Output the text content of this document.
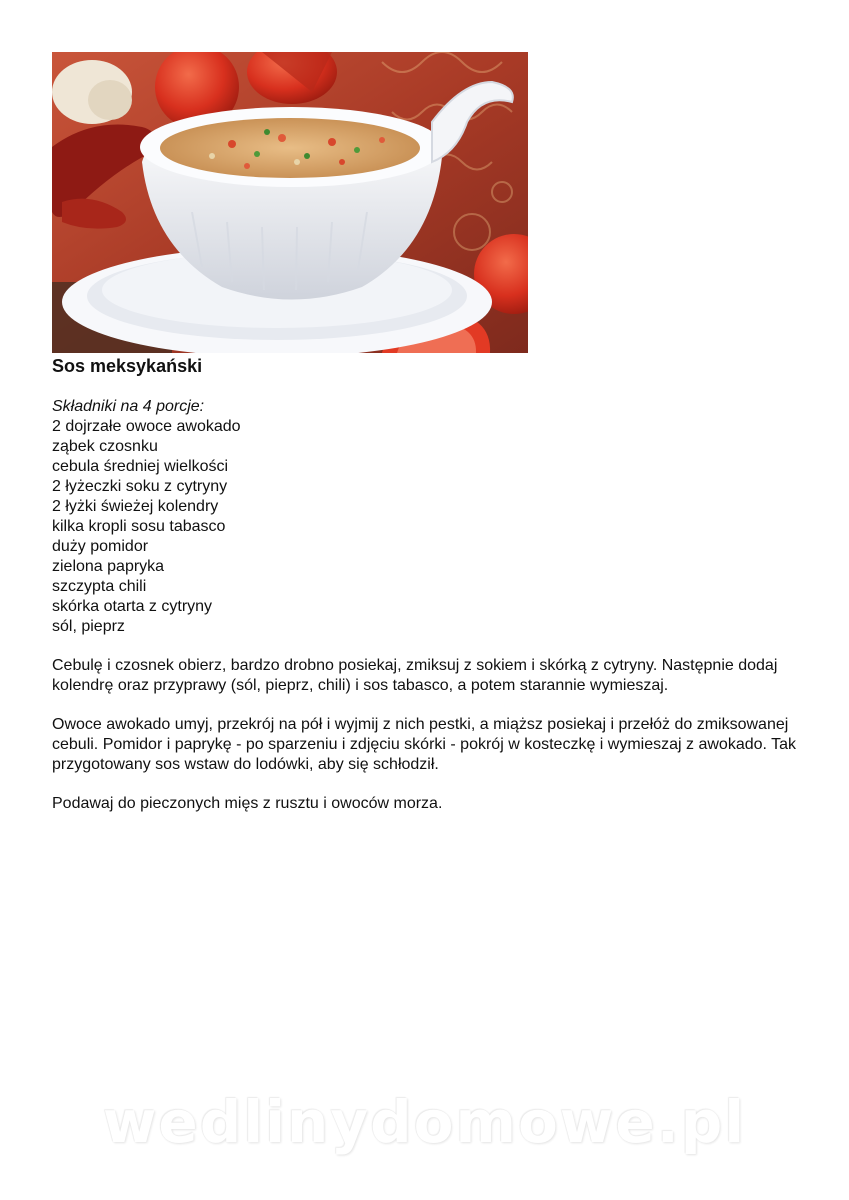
Sos meksykański
Składniki na 4 porcje:
2 dojrzałe owoce awokado
ząbek czosnku
cebula średniej wielkości
2 łyżeczki soku z cytryny
2 łyżki świeżej kolendry
kilka kropli sosu tabasco
duży pomidor
zielona papryka
szczypta chili
skórka otarta z cytryny
sól, pieprz

Cebulę i czosnek obierz, bardzo drobno posiekaj, zmiksuj z sokiem i skórką z cytryny. Następnie dodaj kolendrę oraz przyprawy (sól, pieprz, chili) i sos tabasco, a potem starannie wymieszaj.

Owoce awokado umyj, przekrój na pół i wyjmij z nich pestki, a miąższ posiekaj i przełóż do zmiksowanej cebuli. Pomidor i paprykę - po sparzeniu i zdjęciu skórki - pokrój w kosteczkę i wymieszaj z awokado. Tak przygotowany sos wstaw do lodówki, aby się schłodził.

Podawaj do pieczonych mięs z rusztu i owoców morza.

wedlinydomowe.pl
